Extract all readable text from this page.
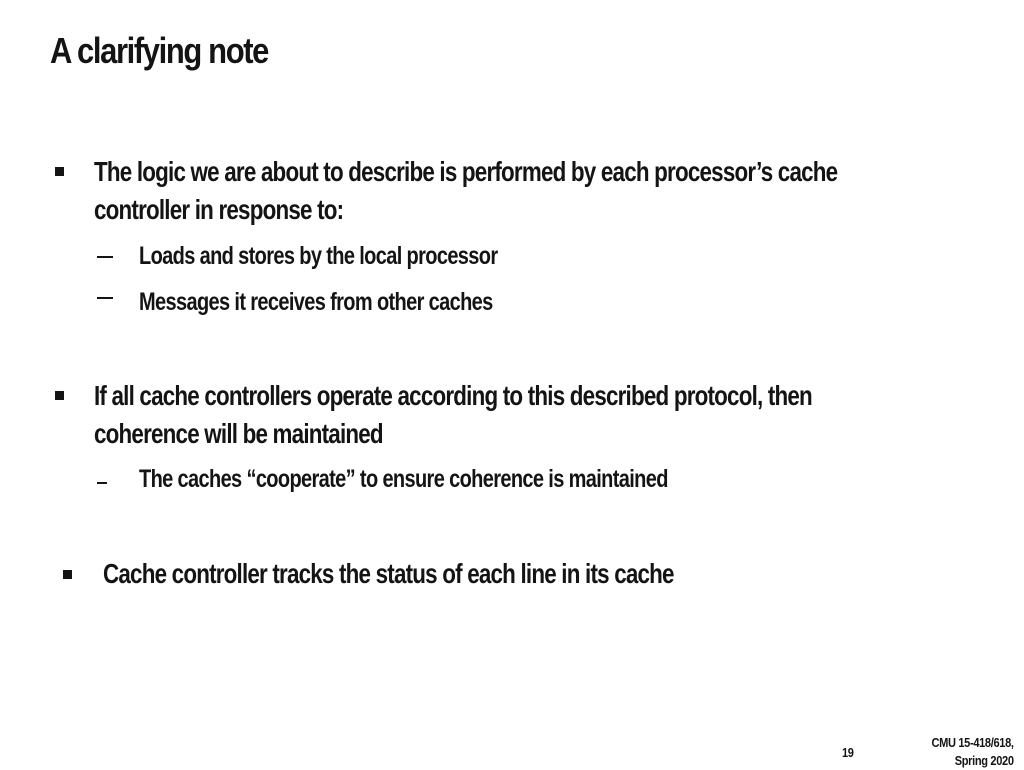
A clarifying note

The logic we are about to describe is performed by each processor’s cache

controller in response to:

Loads and stores by the local processor

Messages it receives from other caches

If all cache controllers operate according to this described protocol, then

coherence will be maintained

The caches “cooperate” to ensure coherence is maintained

Cache controller tracks the status of each line in its cache

19
CMU 15-418/618,
Spring 2020
